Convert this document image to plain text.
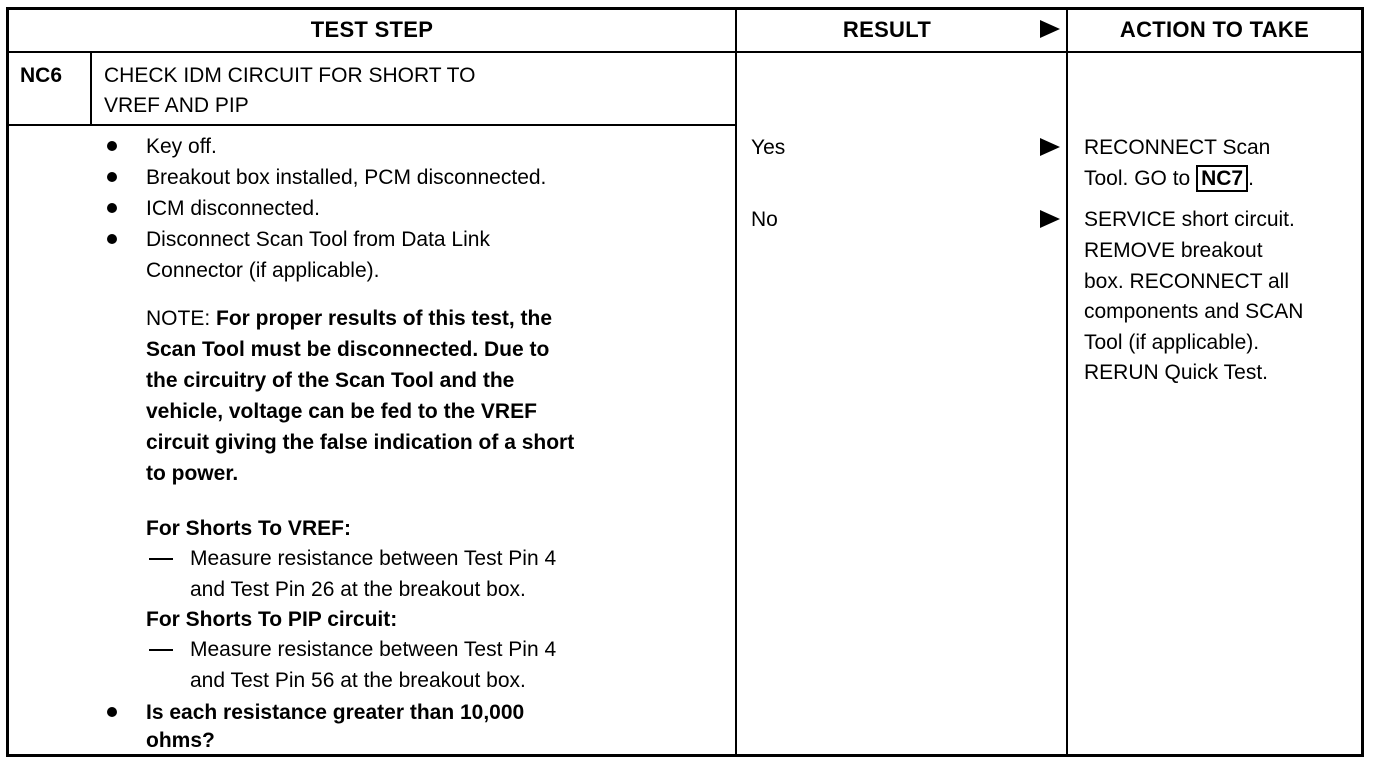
TEST STEP	RESULT	ACTION TO TAKE
NC6 CHECK IDM CIRCUIT FOR SHORT TO
VREF AND PIP
Key off.
Breakout box installed, PCM disconnected.
ICM disconnected.
Disconnect Scan Tool from Data Link
Connector (if applicable).
NOTE: For proper results of this test, the
Scan Tool must be disconnected. Due to
the circuitry of the Scan Tool and the
vehicle, voltage can be fed to the VREF
circuit giving the false indication of a short
to power.
For Shorts To VREF:
Measure resistance between Test Pin 4
and Test Pin 26 at the breakout box.
For Shorts To PIP circuit:
Measure resistance between Test Pin 4
and Test Pin 56 at the breakout box.
Is each resistance greater than 10,000
ohms?
Yes
No
RECONNECT Scan
Tool. GO to NC7 .
SERVICE short circuit.
REMOVE breakout
box. RECONNECT all
components and SCAN
Tool (if applicable).
RERUN Quick Test.
